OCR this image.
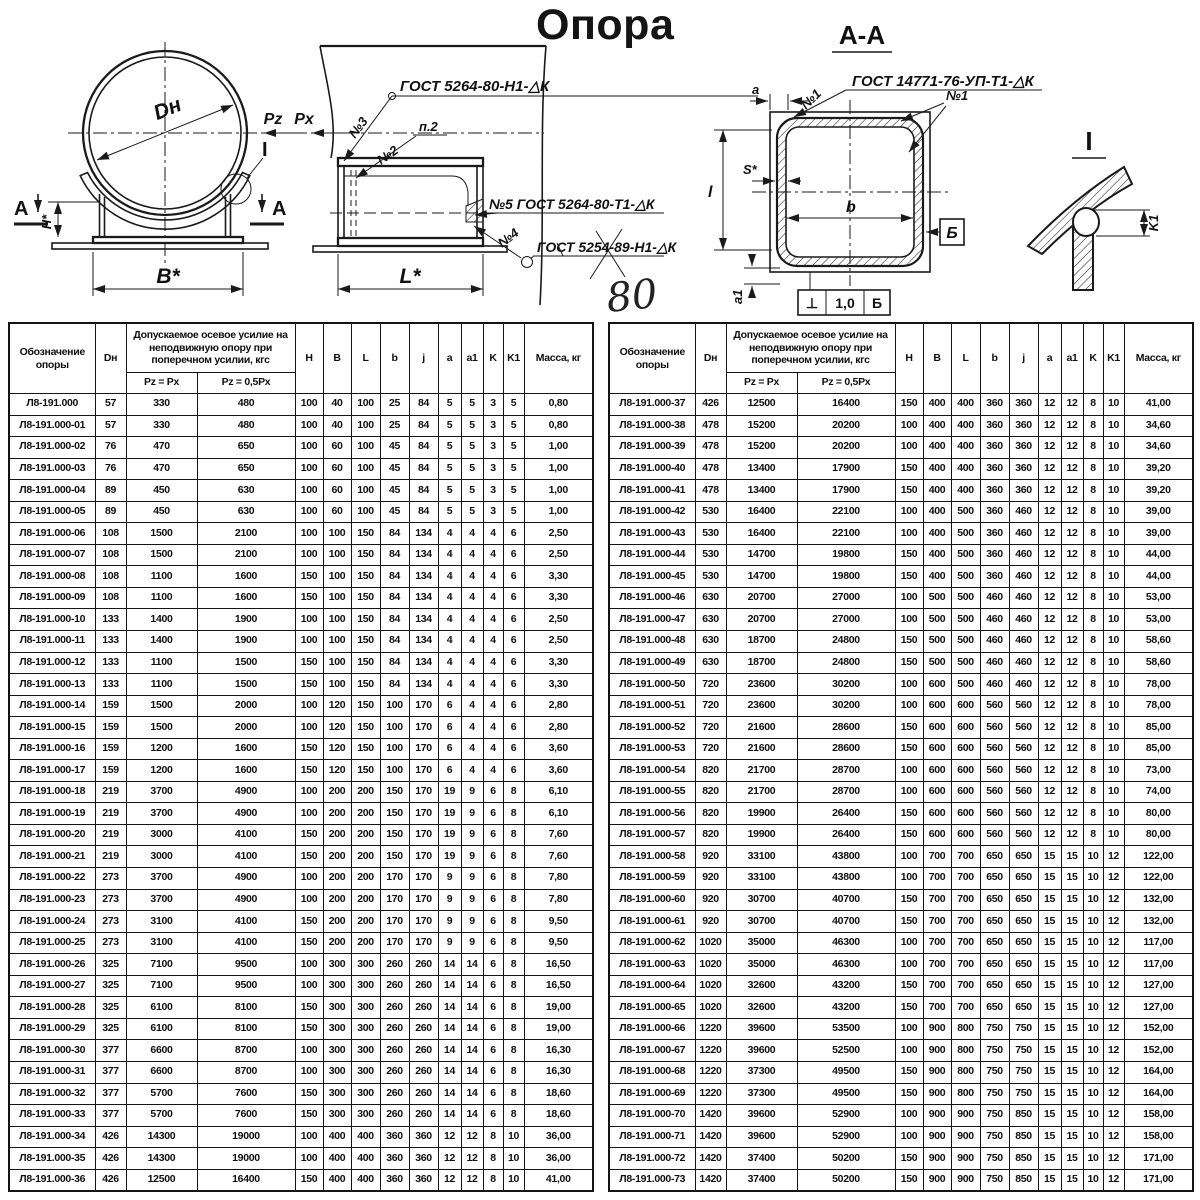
Опора
Dн	Pz Px
А	А
H*
B*
I
L*
ГОСТ 5264-80-Н1-△К
№3
№2
п.2
№5 ГОСТ 5264-80-Т1-△К
ГОСТ 5254-89-Н1-△К
№4
80
А-А
ГОСТ 14771-76-УП-Т1-△К
№1	№1
a
S*
l
b
a1
Б
⊥ 1,0 Б
I
K1
Обозначение опоры	Dн	Допускаемое осевое усилие на неподвижную опору при поперечном усилии, кгс		H	B	L	b	j	a	a1	K	K1	Масса, кг
		Pz = Px	Pz = 0,5Px										
Л8-191.000	57	330	480	100	40	100	25	84	5	5	3	5	0,80
Л8-191.000-01	57	330	480	100	40	100	25	84	5	5	3	5	0,80
Л8-191.000-02	76	470	650	100	60	100	45	84	5	5	3	5	1,00
Л8-191.000-03	76	470	650	100	60	100	45	84	5	5	3	5	1,00
Л8-191.000-04	89	450	630	100	60	100	45	84	5	5	3	5	1,00
Л8-191.000-05	89	450	630	100	60	100	45	84	5	5	3	5	1,00
Л8-191.000-06	108	1500	2100	100	100	150	84	134	4	4	4	6	2,50
Л8-191.000-07	108	1500	2100	100	100	150	84	134	4	4	4	6	2,50
Л8-191.000-08	108	1100	1600	150	100	150	84	134	4	4	4	6	3,30
Л8-191.000-09	108	1100	1600	150	100	150	84	134	4	4	4	6	3,30
Л8-191.000-10	133	1400	1900	100	100	150	84	134	4	4	4	6	2,50
Л8-191.000-11	133	1400	1900	100	100	150	84	134	4	4	4	6	2,50
Л8-191.000-12	133	1100	1500	150	100	150	84	134	4	4	4	6	3,30
Л8-191.000-13	133	1100	1500	150	100	150	84	134	4	4	4	6	3,30
Л8-191.000-14	159	1500	2000	100	120	150	100	170	6	4	4	6	2,80
Л8-191.000-15	159	1500	2000	100	120	150	100	170	6	4	4	6	2,80
Л8-191.000-16	159	1200	1600	150	120	150	100	170	6	4	4	6	3,60
Л8-191.000-17	159	1200	1600	150	120	150	100	170	6	4	4	6	3,60
Л8-191.000-18	219	3700	4900	100	200	200	150	170	19	9	6	8	6,10
Л8-191.000-19	219	3700	4900	100	200	200	150	170	19	9	6	8	6,10
Л8-191.000-20	219	3000	4100	150	200	200	150	170	19	9	6	8	7,60
Л8-191.000-21	219	3000	4100	150	200	200	150	170	19	9	6	8	7,60
Л8-191.000-22	273	3700	4900	100	200	200	170	170	9	9	6	8	7,80
Л8-191.000-23	273	3700	4900	100	200	200	170	170	9	9	6	8	7,80
Л8-191.000-24	273	3100	4100	150	200	200	170	170	9	9	6	8	9,50
Л8-191.000-25	273	3100	4100	150	200	200	170	170	9	9	6	8	9,50
Л8-191.000-26	325	7100	9500	100	300	300	260	260	14	14	6	8	16,50
Л8-191.000-27	325	7100	9500	100	300	300	260	260	14	14	6	8	16,50
Л8-191.000-28	325	6100	8100	150	300	300	260	260	14	14	6	8	19,00
Л8-191.000-29	325	6100	8100	150	300	300	260	260	14	14	6	8	19,00
Л8-191.000-30	377	6600	8700	100	300	300	260	260	14	14	6	8	16,30
Л8-191.000-31	377	6600	8700	100	300	300	260	260	14	14	6	8	16,30
Л8-191.000-32	377	5700	7600	150	300	300	260	260	14	14	6	8	18,60
Л8-191.000-33	377	5700	7600	150	300	300	260	260	14	14	6	8	18,60
Л8-191.000-34	426	14300	19000	100	400	400	360	360	12	12	8	10	36,00
Л8-191.000-35	426	14300	19000	100	400	400	360	360	12	12	8	10	36,00
Л8-191.000-36	426	12500	16400	150	400	400	360	360	12	12	8	10	41,00
Обозначение опоры	Dн	Допускаемое осевое усилие на неподвижную опору при поперечном усилии, кгс		H	B	L	b	j	a	a1	K	K1	Масса, кг
		Pz = Px	Pz = 0,5Px										
Л8-191.000-37	426	12500	16400	150	400	400	360	360	12	12	8	10	41,00
Л8-191.000-38	478	15200	20200	100	400	400	360	360	12	12	8	10	34,60
Л8-191.000-39	478	15200	20200	100	400	400	360	360	12	12	8	10	34,60
Л8-191.000-40	478	13400	17900	150	400	400	360	360	12	12	8	10	39,20
Л8-191.000-41	478	13400	17900	150	400	400	360	360	12	12	8	10	39,20
Л8-191.000-42	530	16400	22100	100	400	500	360	460	12	12	8	10	39,00
Л8-191.000-43	530	16400	22100	100	400	500	360	460	12	12	8	10	39,00
Л8-191.000-44	530	14700	19800	150	400	500	360	460	12	12	8	10	44,00
Л8-191.000-45	530	14700	19800	150	400	500	360	460	12	12	8	10	44,00
Л8-191.000-46	630	20700	27000	100	500	500	460	460	12	12	8	10	53,00
Л8-191.000-47	630	20700	27000	100	500	500	460	460	12	12	8	10	53,00
Л8-191.000-48	630	18700	24800	150	500	500	460	460	12	12	8	10	58,60
Л8-191.000-49	630	18700	24800	150	500	500	460	460	12	12	8	10	58,60
Л8-191.000-50	720	23600	30200	100	600	500	460	460	12	12	8	10	78,00
Л8-191.000-51	720	23600	30200	100	600	600	560	560	12	12	8	10	78,00
Л8-191.000-52	720	21600	28600	150	600	600	560	560	12	12	8	10	85,00
Л8-191.000-53	720	21600	28600	150	600	600	560	560	12	12	8	10	85,00
Л8-191.000-54	820	21700	28700	100	600	600	560	560	12	12	8	10	73,00
Л8-191.000-55	820	21700	28700	100	600	600	560	560	12	12	8	10	74,00
Л8-191.000-56	820	19900	26400	150	600	600	560	560	12	12	8	10	80,00
Л8-191.000-57	820	19900	26400	150	600	600	560	560	12	12	8	10	80,00
Л8-191.000-58	920	33100	43800	100	700	700	650	650	15	15	10	12	122,00
Л8-191.000-59	920	33100	43800	100	700	700	650	650	15	15	10	12	122,00
Л8-191.000-60	920	30700	40700	150	700	700	650	650	15	15	10	12	132,00
Л8-191.000-61	920	30700	40700	150	700	700	650	650	15	15	10	12	132,00
Л8-191.000-62	1020	35000	46300	100	700	700	650	650	15	15	10	12	117,00
Л8-191.000-63	1020	35000	46300	100	700	700	650	650	15	15	10	12	117,00
Л8-191.000-64	1020	32600	43200	150	700	700	650	650	15	15	10	12	127,00
Л8-191.000-65	1020	32600	43200	150	700	700	650	650	15	15	10	12	127,00
Л8-191.000-66	1220	39600	53500	100	900	800	750	750	15	15	10	12	152,00
Л8-191.000-67	1220	39600	52500	100	900	800	750	750	15	15	10	12	152,00
Л8-191.000-68	1220	37300	49500	150	900	800	750	750	15	15	10	12	164,00
Л8-191.000-69	1220	37300	49500	150	900	800	750	750	15	15	10	12	164,00
Л8-191.000-70	1420	39600	52900	100	900	900	750	850	15	15	10	12	158,00
Л8-191.000-71	1420	39600	52900	100	900	900	750	850	15	15	10	12	158,00
Л8-191.000-72	1420	37400	50200	150	900	900	750	850	15	15	10	12	171,00
Л8-191.000-73	1420	37400	50200	150	900	900	750	850	15	15	10	12	171,00
